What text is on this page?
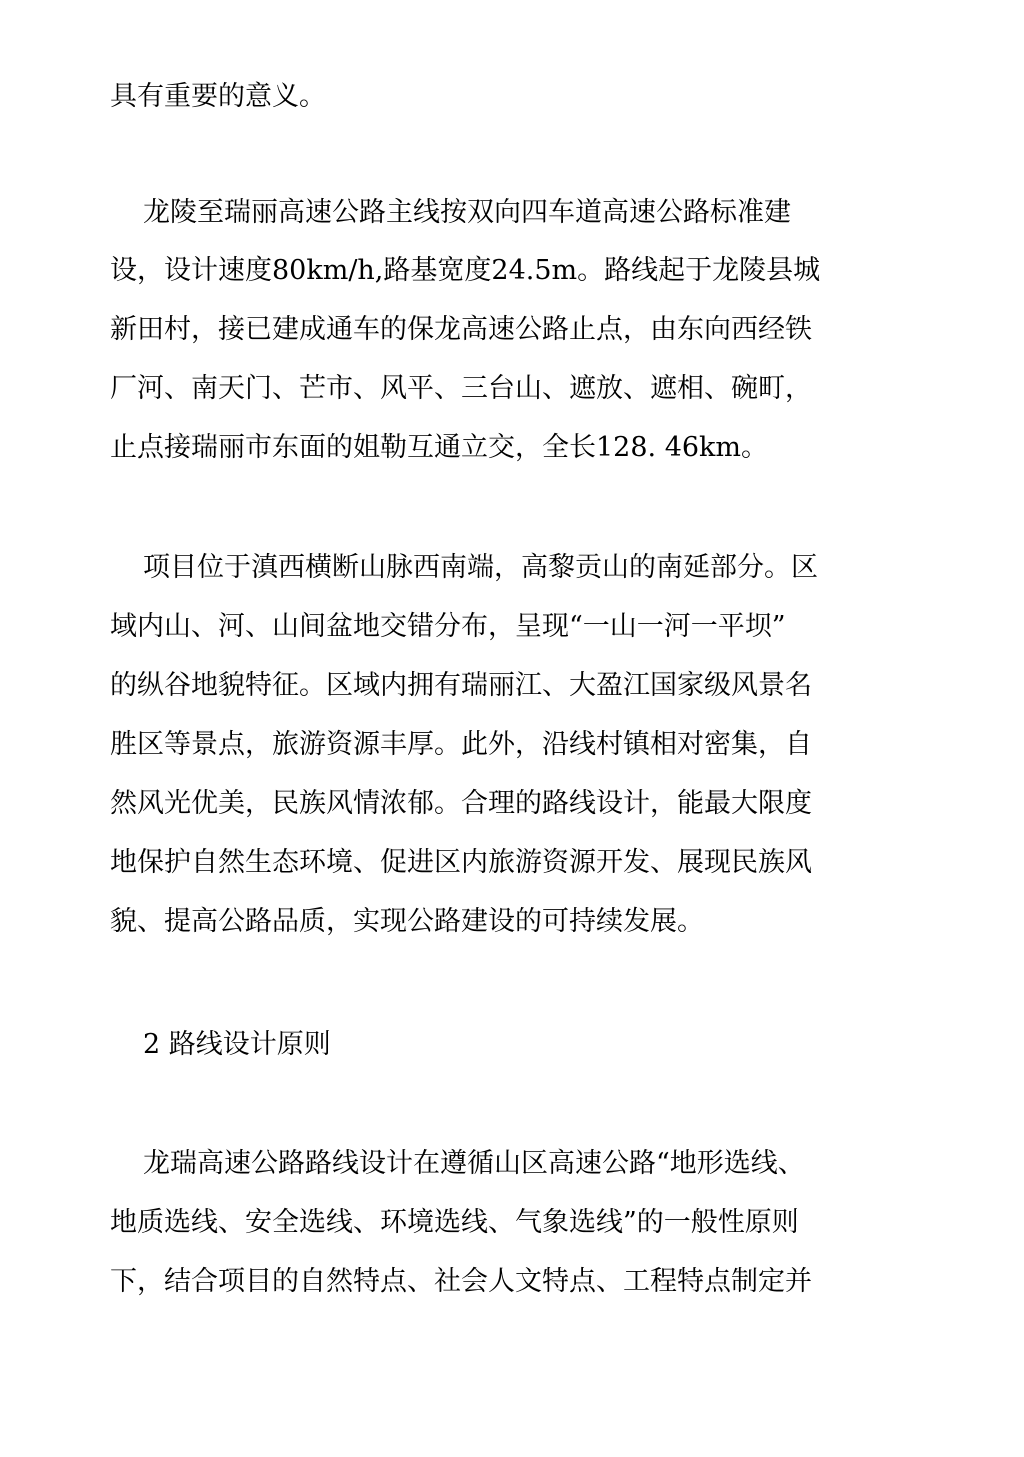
具有重要的意义。
龙陵至瑞丽高速公路主线按双向四车道高速公路标准建
设，设计速度80km/h,路基宽度24.5m。路线起于龙陵县城
新田村，接已建成通车的保龙高速公路止点，由东向西经铁
厂河、南天门、芒市、风平、三台山、遮放、遮相、碗町，
止点接瑞丽市东面的姐勒互通立交，全长128. 46km。
项目位于滇西横断山脉西南端，高黎贡山的南延部分。区
域内山、河、山间盆地交错分布，呈现“一山一河一平坝”
的纵谷地貌特征。区域内拥有瑞丽江、大盈江国家级风景名
胜区等景点，旅游资源丰厚。此外，沿线村镇相对密集，自
然风光优美，民族风情浓郁。合理的路线设计，能最大限度
地保护自然生态环境、促进区内旅游资源开发、展现民族风
貌、提高公路品质，实现公路建设的可持续发展。
2 路线设计原则
龙瑞高速公路路线设计在遵循山区高速公路“地形选线、
地质选线、安全选线、环境选线、气象选线”的一般性原则
下，结合项目的自然特点、社会人文特点、工程特点制定并
